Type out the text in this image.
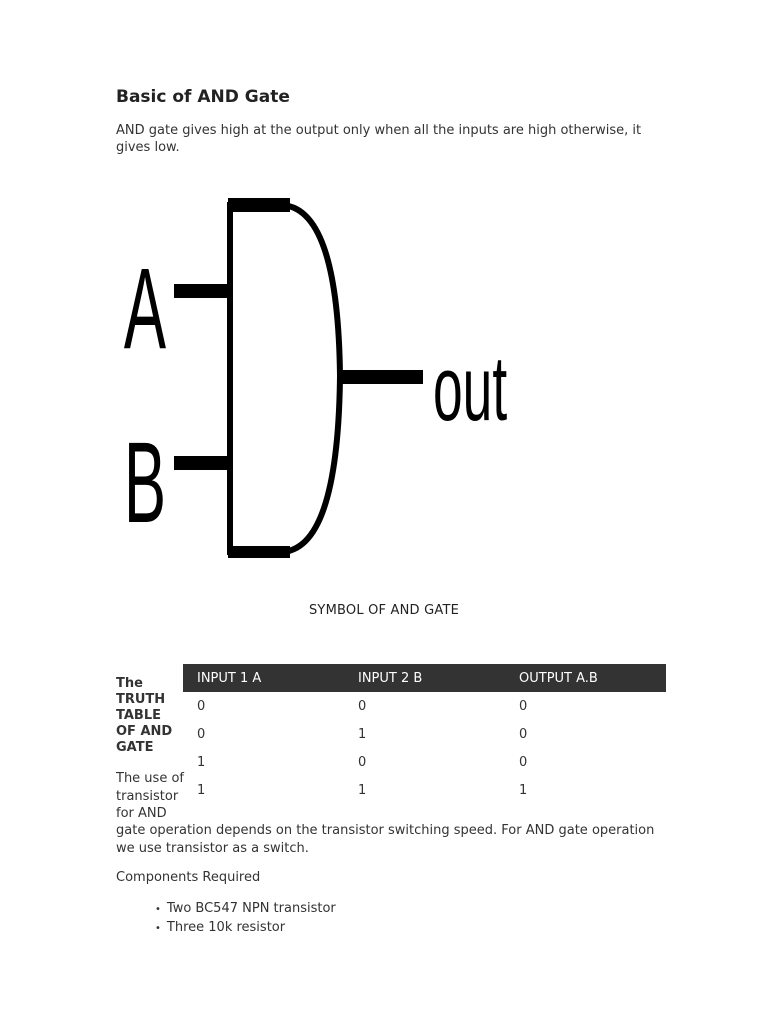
Basic of AND Gate

AND gate gives high at the output only when all the inputs are high otherwise, it gives low.

A
B
out
SYMBOL OF AND GATE
The TRUTH TABLE OF AND GATE
INPUT 1 A	INPUT 2 B	OUTPUT A.B
0	0	0
0	1	0
1	0	0
1	1	1
The use of transistor for AND
gate operation depends on the transistor switching speed. For AND gate operation we use transistor as a switch.
Components Required
• Two BC547 NPN transistor
• Three 10k resistor
